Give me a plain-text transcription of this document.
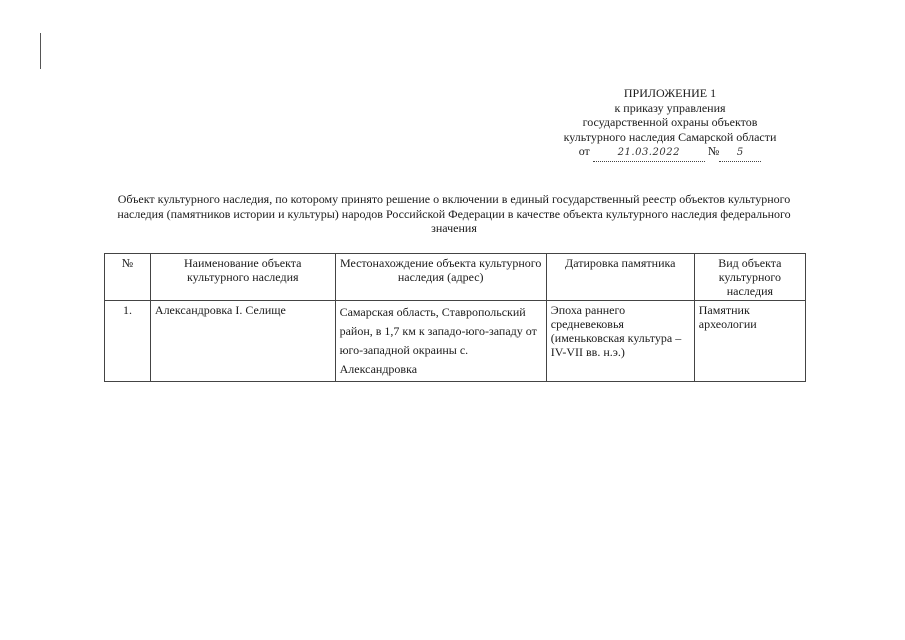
ПРИЛОЖЕНИЕ 1
к приказу управления
государственной охраны объектов
культурного наследия Самарской области
от	21.03.2022 № 5
Объект культурного наследия, по которому принято решение о включении в единый государственный реестр объектов культурного наследия (памятников истории и культуры) народов Российской Федерации в качестве объекта культурного наследия федерального значения
№	Наименование объекта культурного наследия	Местонахождение объекта культурного наследия (адрес)	Датировка памятника	Вид объекта культурного наследия
1.	Александровка I. Селище	Самарская область, Ставропольский район, в 1,7 км к западо-юго-западу от юго-западной окраины с. Александровка	Эпоха раннего средневековья (именьковская культура – IV-VII вв. н.э.)	Памятник археологии
